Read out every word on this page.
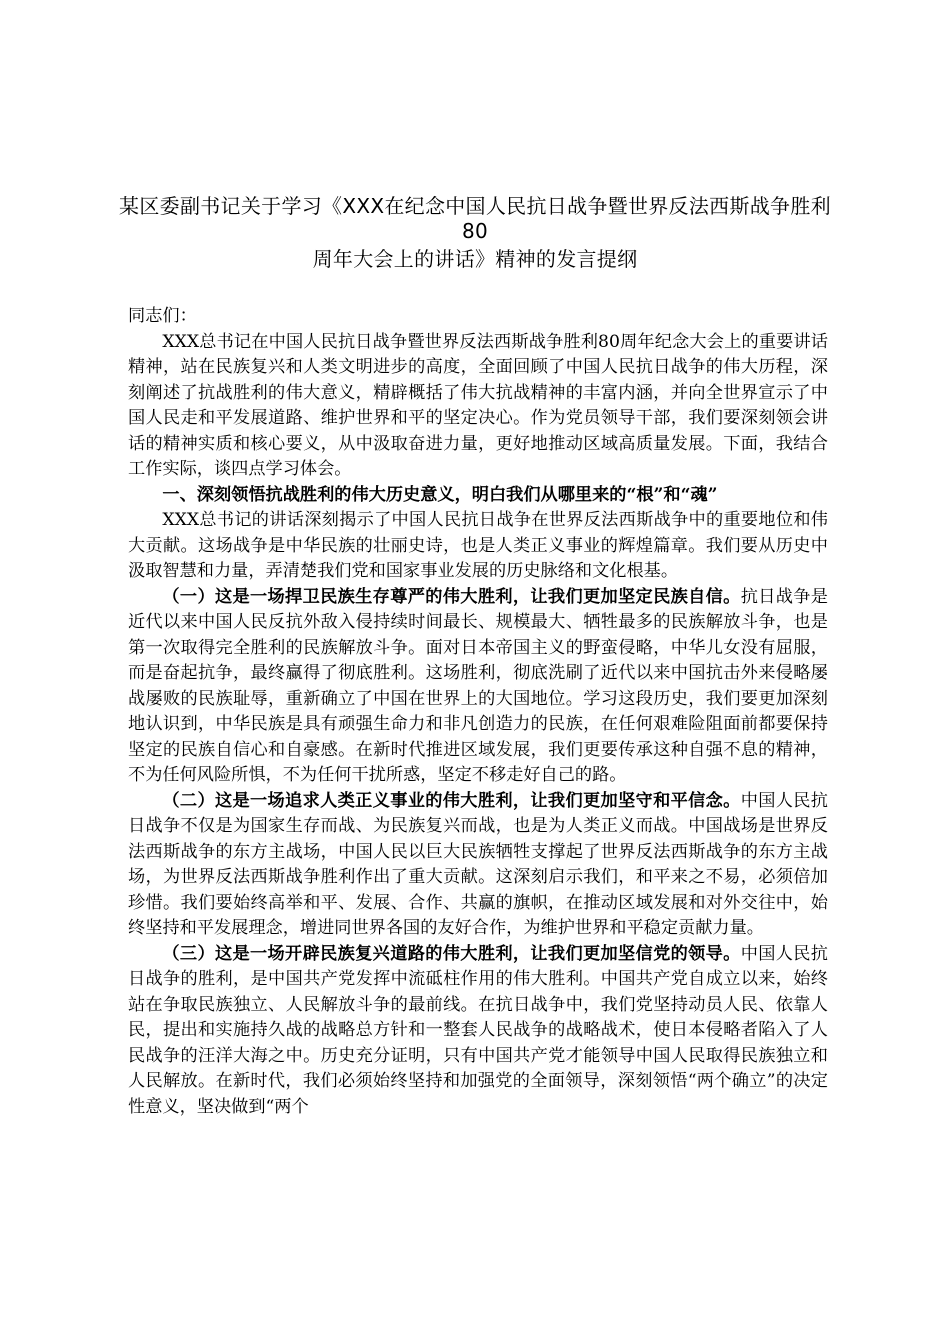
某区委副书记关于学习《XXX在纪念中国人民抗日战争暨世界反法西斯战争胜利80
周年大会上的讲话》精神的发言提纲

同志们：

XXX总书记在中国人民抗日战争暨世界反法西斯战争胜利80周年纪念大会上的重要讲话精神，站在民族复兴和人类文明进步的高度，全面回顾了中国人民抗日战争的伟大历程，深刻阐述了抗战胜利的伟大意义，精辟概括了伟大抗战精神的丰富内涵，并向全世界宣示了中国人民走和平发展道路、维护世界和平的坚定决心。作为党员领导干部，我们要深刻领会讲话的精神实质和核心要义，从中汲取奋进力量，更好地推动区域高质量发展。下面，我结合工作实际，谈四点学习体会。

一、深刻领悟抗战胜利的伟大历史意义，明白我们从哪里来的“根”和“魂”

XXX总书记的讲话深刻揭示了中国人民抗日战争在世界反法西斯战争中的重要地位和伟大贡献。这场战争是中华民族的壮丽史诗，也是人类正义事业的辉煌篇章。我们要从历史中汲取智慧和力量，弄清楚我们党和国家事业发展的历史脉络和文化根基。

（一）这是一场捍卫民族生存尊严的伟大胜利，让我们更加坚定民族自信。抗日战争是近代以来中国人民反抗外敌入侵持续时间最长、规模最大、牺牲最多的民族解放斗争，也是第一次取得完全胜利的民族解放斗争。面对日本帝国主义的野蛮侵略，中华儿女没有屈服，而是奋起抗争，最终赢得了彻底胜利。这场胜利，彻底洗刷了近代以来中国抗击外来侵略屡战屡败的民族耻辱，重新确立了中国在世界上的大国地位。学习这段历史，我们要更加深刻地认识到，中华民族是具有顽强生命力和非凡创造力的民族，在任何艰难险阻面前都要保持坚定的民族自信心和自豪感。在新时代推进区域发展，我们更要传承这种自强不息的精神，不为任何风险所惧，不为任何干扰所惑，坚定不移走好自己的路。

（二）这是一场追求人类正义事业的伟大胜利，让我们更加坚守和平信念。中国人民抗日战争不仅是为国家生存而战、为民族复兴而战，也是为人类正义而战。中国战场是世界反法西斯战争的东方主战场，中国人民以巨大民族牺牲支撑起了世界反法西斯战争的东方主战场，为世界反法西斯战争胜利作出了重大贡献。这深刻启示我们，和平来之不易，必须倍加珍惜。我们要始终高举和平、发展、合作、共赢的旗帜，在推动区域发展和对外交往中，始终坚持和平发展理念，增进同世界各国的友好合作，为维护世界和平稳定贡献力量。

（三）这是一场开辟民族复兴道路的伟大胜利，让我们更加坚信党的领导。中国人民抗日战争的胜利，是中国共产党发挥中流砥柱作用的伟大胜利。中国共产党自成立以来，始终站在争取民族独立、人民解放斗争的最前线。在抗日战争中，我们党坚持动员人民、依靠人民，提出和实施持久战的战略总方针和一整套人民战争的战略战术，使日本侵略者陷入了人民战争的汪洋大海之中。历史充分证明，只有中国共产党才能领导中国人民取得民族独立和人民解放。在新时代，我们必须始终坚持和加强党的全面领导，深刻领悟“两个确立”的决定性意义，坚决做到“两个
